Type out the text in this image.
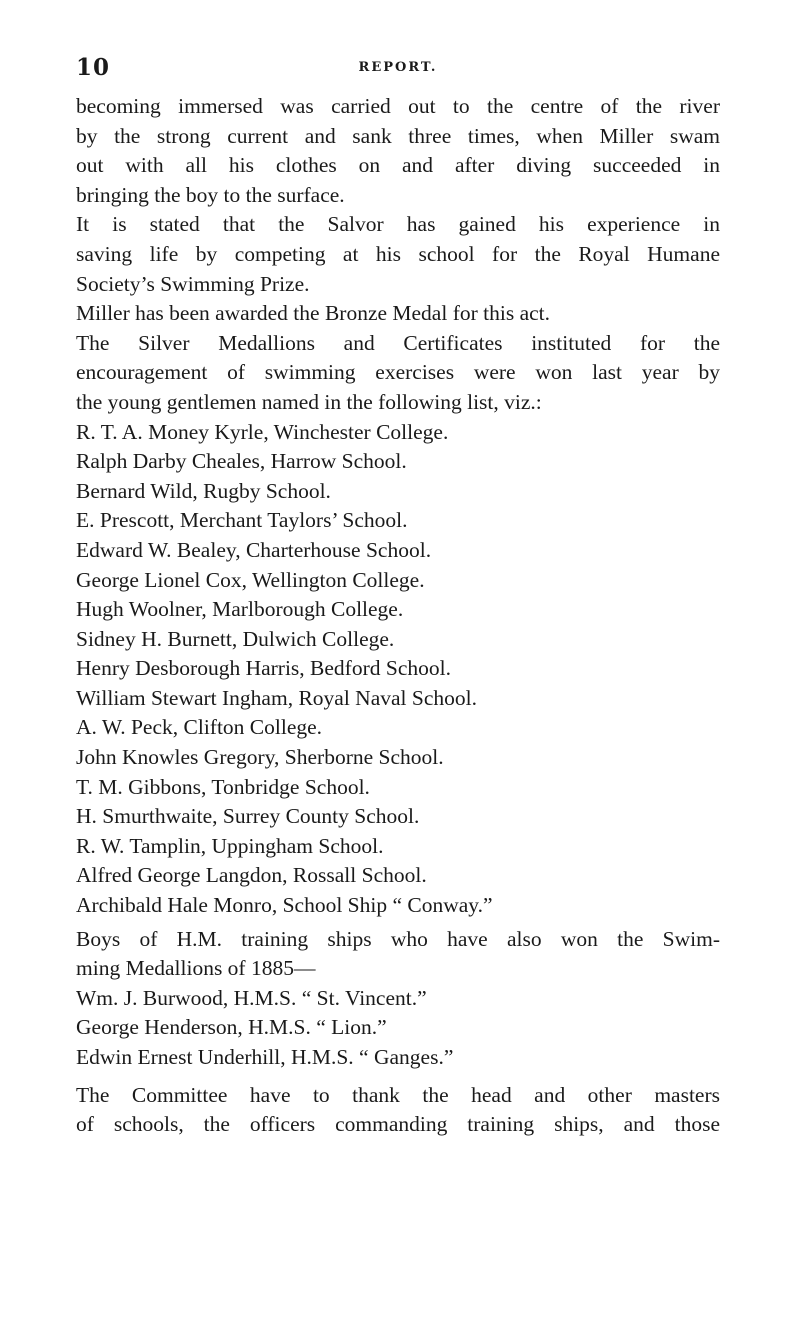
10	REPORT.
becoming immersed was carried out to the centre of the river
by the strong current and sank three times, when Miller swam
out with all his clothes on and after diving succeeded in
bringing the boy to the surface.
It is stated that the Salvor has gained his experience in
saving life by competing at his school for the Royal Humane
Society’s Swimming Prize.
Miller has been awarded the Bronze Medal for this act.
The Silver Medallions and Certificates instituted for the
encouragement of swimming exercises were won last year by
the young gentlemen named in the following list, viz.:
R. T. A. Money Kyrle, Winchester College.
Ralph Darby Cheales, Harrow School.
Bernard Wild, Rugby School.
E. Prescott, Merchant Taylors’ School.
Edward W. Bealey, Charterhouse School.
George Lionel Cox, Wellington College.
Hugh Woolner, Marlborough College.
Sidney H. Burnett, Dulwich College.
Henry Desborough Harris, Bedford School.
William Stewart Ingham, Royal Naval School.
A. W. Peck, Clifton College.
John Knowles Gregory, Sherborne School.
T. M. Gibbons, Tonbridge School.
H. Smurthwaite, Surrey County School.
R. W. Tamplin, Uppingham School.
Alfred George Langdon, Rossall School.
Archibald Hale Monro, School Ship “ Conway.”
Boys of H.M. training ships who have also won the Swim-
ming Medallions of 1885—
Wm. J. Burwood, H.M.S. “ St. Vincent.”
George Henderson, H.M.S. “ Lion.”
Edwin Ernest Underhill, H.M.S. “ Ganges.”
The Committee have to thank the head and other masters
of schools, the officers commanding training ships, and those
